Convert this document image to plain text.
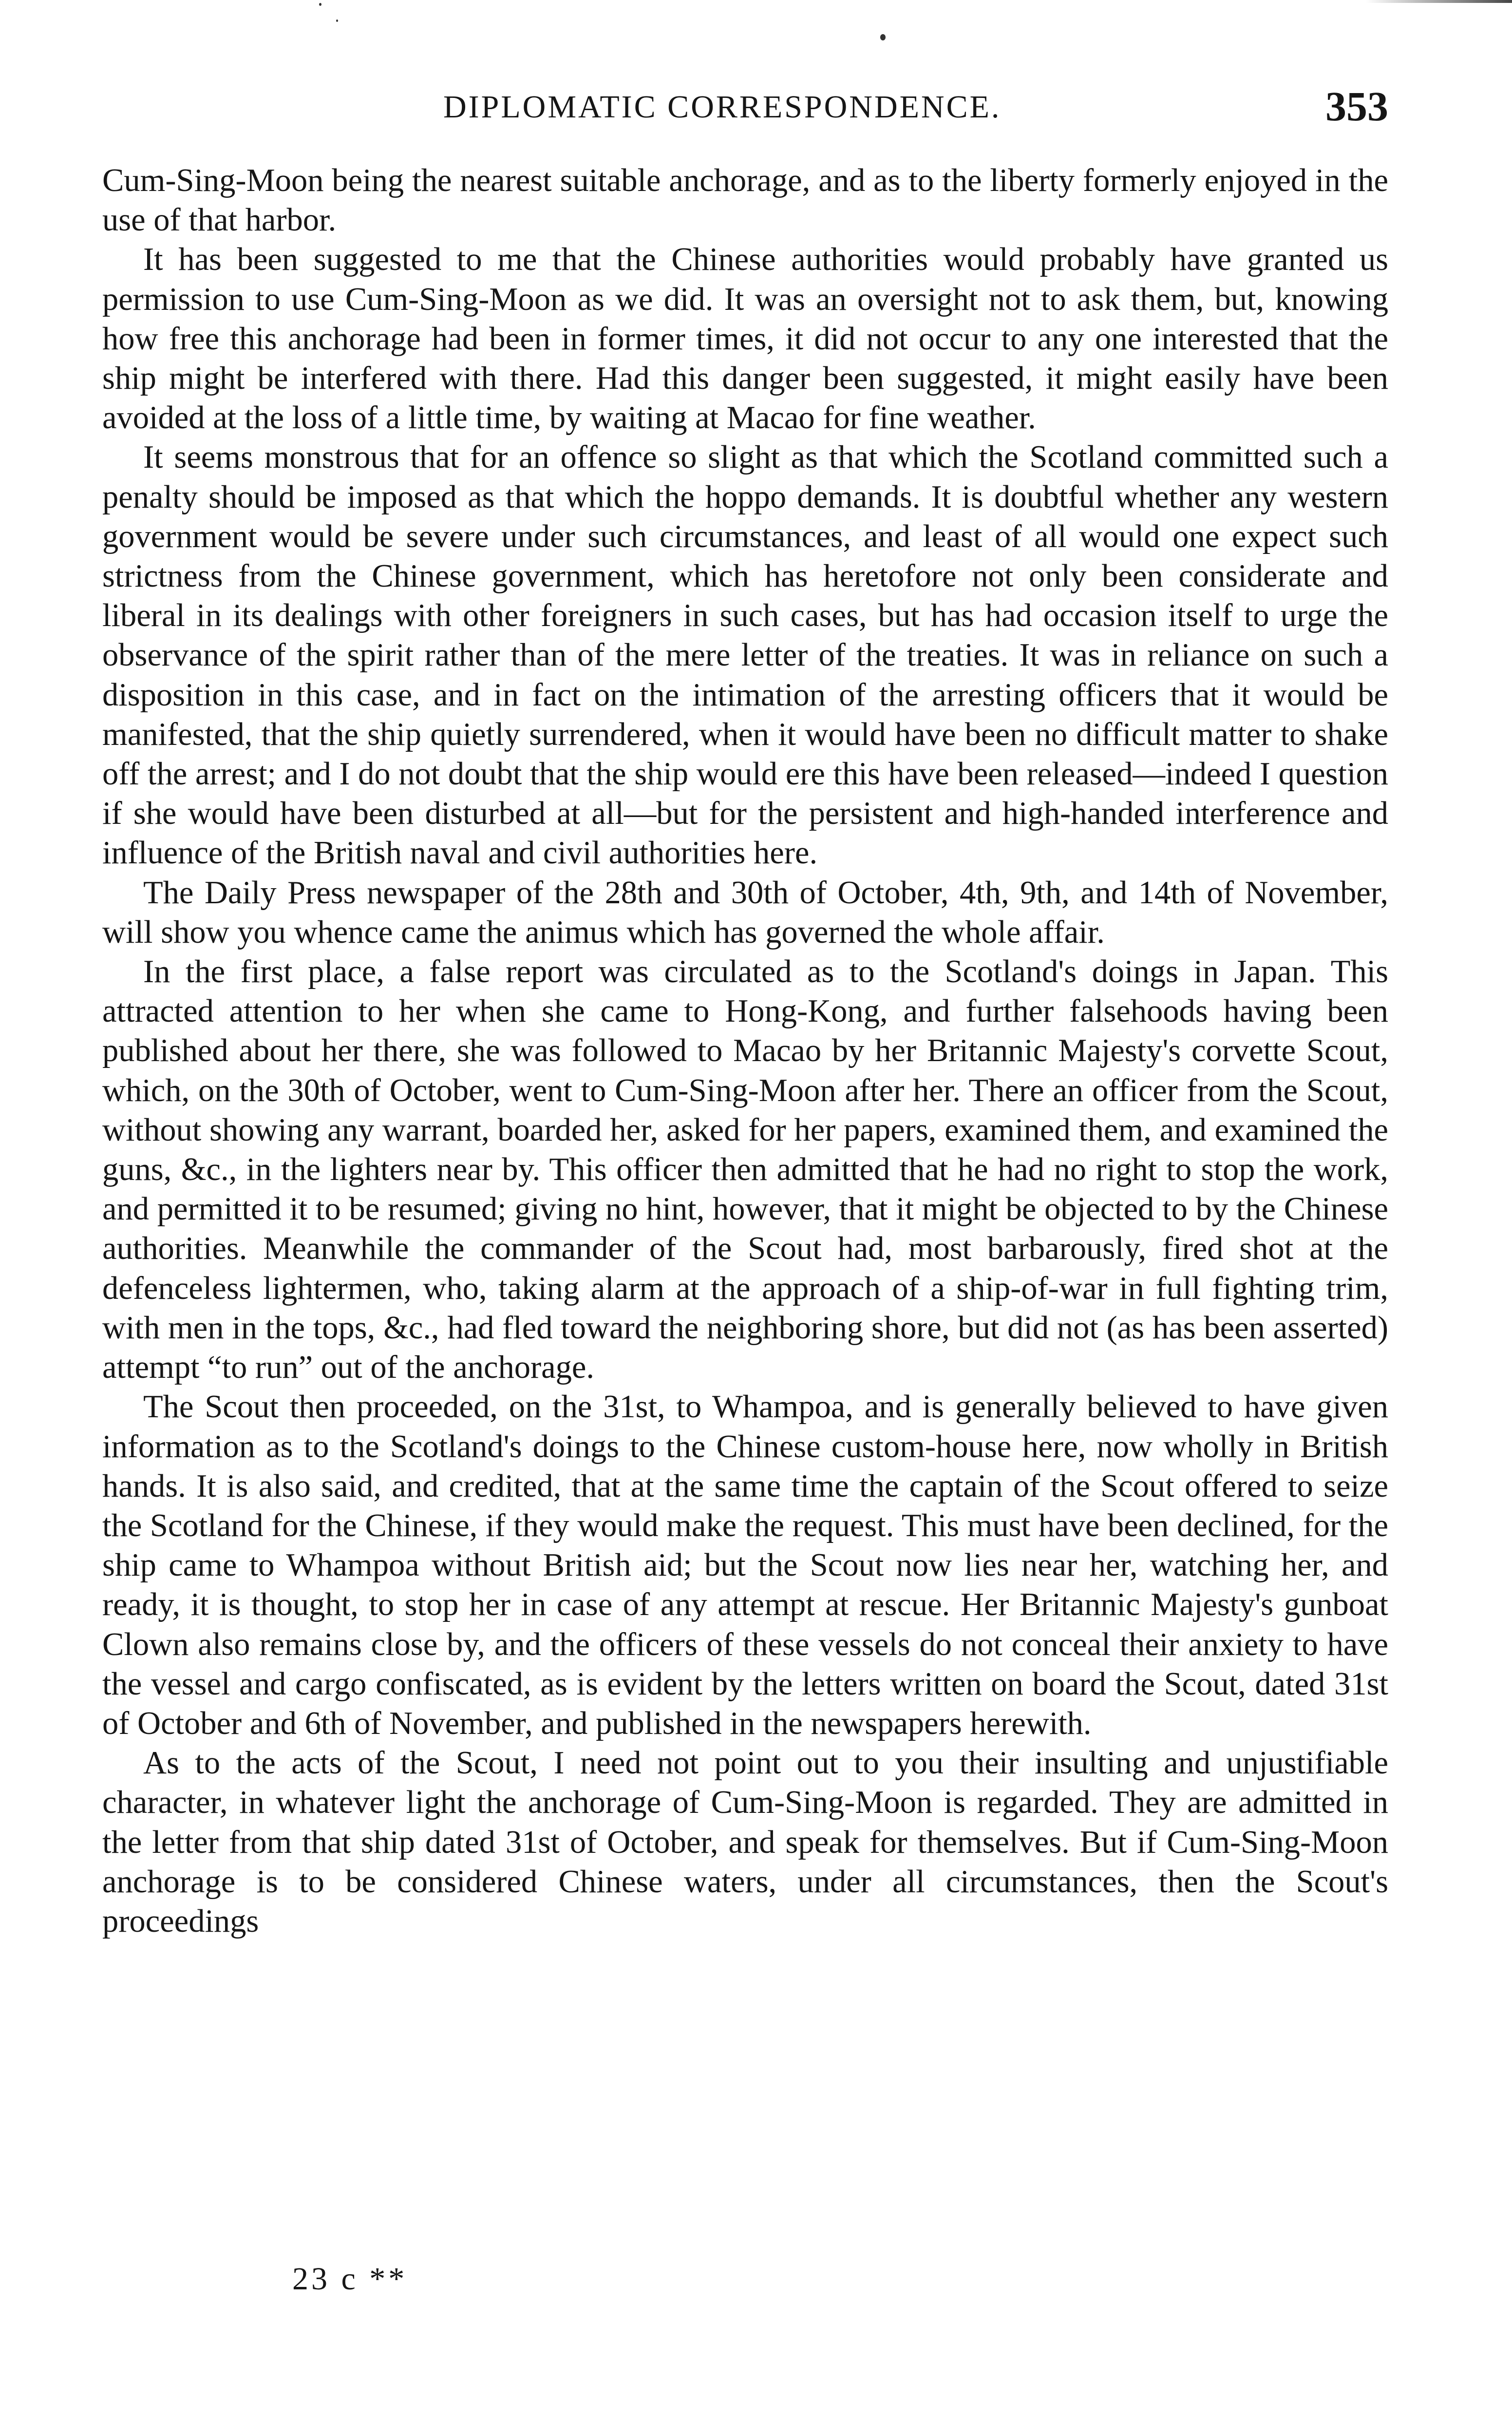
DIPLOMATIC CORRESPONDENCE.	353

Cum-Sing-Moon being the nearest suitable anchorage, and as to the liberty formerly enjoyed in the use of that harbor.

It has been suggested to me that the Chinese authorities would probably have granted us permission to use Cum-Sing-Moon as we did. It was an oversight not to ask them, but, knowing how free this anchorage had been in former times, it did not occur to any one interested that the ship might be interfered with there. Had this danger been suggested, it might easily have been avoided at the loss of a little time, by waiting at Macao for fine weather.

It seems monstrous that for an offence so slight as that which the Scotland committed such a penalty should be imposed as that which the hoppo demands. It is doubtful whether any western government would be severe under such circumstances, and least of all would one expect such strictness from the Chinese government, which has heretofore not only been considerate and liberal in its dealings with other foreigners in such cases, but has had occasion itself to urge the observance of the spirit rather than of the mere letter of the treaties. It was in reliance on such a disposition in this case, and in fact on the intimation of the arresting officers that it would be manifested, that the ship quietly surrendered, when it would have been no difficult matter to shake off the arrest; and I do not doubt that the ship would ere this have been released—indeed I question if she would have been disturbed at all—but for the persistent and high-handed interference and influence of the British naval and civil authorities here.

The Daily Press newspaper of the 28th and 30th of October, 4th, 9th, and 14th of November, will show you whence came the animus which has governed the whole affair.

In the first place, a false report was circulated as to the Scotland's doings in Japan. This attracted attention to her when she came to Hong-Kong, and further falsehoods having been published about her there, she was followed to Macao by her Britannic Majesty's corvette Scout, which, on the 30th of October, went to Cum-Sing-Moon after her. There an officer from the Scout, without showing any warrant, boarded her, asked for her papers, examined them, and examined the guns, &c., in the lighters near by. This officer then admitted that he had no right to stop the work, and permitted it to be resumed; giving no hint, however, that it might be objected to by the Chinese authorities. Meanwhile the commander of the Scout had, most barbarously, fired shot at the defenceless lightermen, who, taking alarm at the approach of a ship-of-war in full fighting trim, with men in the tops, &c., had fled toward the neighboring shore, but did not (as has been asserted) attempt “to run” out of the anchorage.

The Scout then proceeded, on the 31st, to Whampoa, and is generally believed to have given information as to the Scotland's doings to the Chinese custom-house here, now wholly in British hands. It is also said, and credited, that at the same time the captain of the Scout offered to seize the Scotland for the Chinese, if they would make the request. This must have been declined, for the ship came to Whampoa without British aid; but the Scout now lies near her, watching her, and ready, it is thought, to stop her in case of any attempt at rescue. Her Britannic Majesty's gunboat Clown also remains close by, and the officers of these vessels do not conceal their anxiety to have the vessel and cargo confiscated, as is evident by the letters written on board the Scout, dated 31st of October and 6th of November, and published in the newspapers herewith.

As to the acts of the Scout, I need not point out to you their insulting and unjustifiable character, in whatever light the anchorage of Cum-Sing-Moon is regarded. They are admitted in the letter from that ship dated 31st of October, and speak for themselves. But if Cum-Sing-Moon anchorage is to be considered Chinese waters, under all circumstances, then the Scout's proceedings

23 c **
